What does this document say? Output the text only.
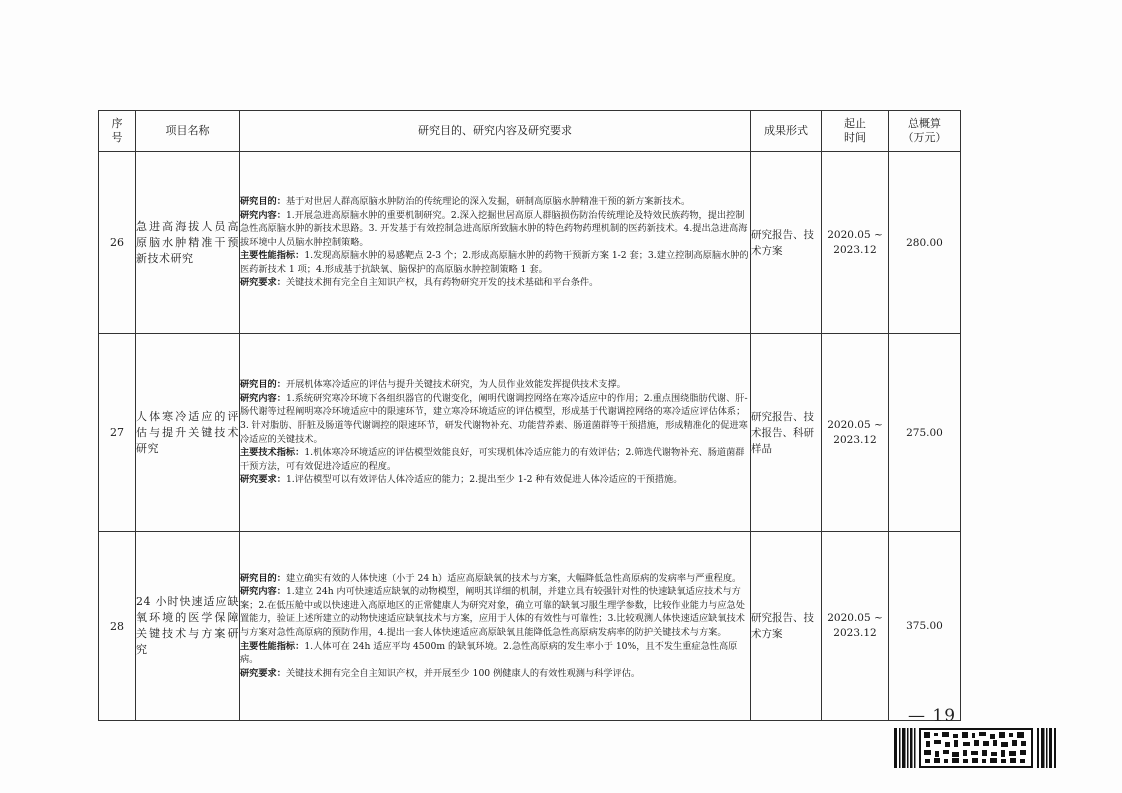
序
号	项目名称	研究目的、研究内容及研究要求	成果形式	起止
时间	总概算
（万元）

26	急进高海拔人员高原脑水肿精准干预新技术研究	研究目的：基于对世居人群高原脑水肿防治的传统理论的深入发掘，研制高原脑水肿精准干预的新方案新技术。
研究内容：1.开展急进高原脑水肿的重要机制研究。2.深入挖掘世居高原人群脑损伤防治传统理论及特效民族药物，提出控制急性高原脑水肿的新技术思路。3. 开发基于有效控制急进高原所致脑水肿的特色药物药理机制的医药新技术。4.提出急进高海拔环境中人员脑水肿控制策略。
主要性能指标：1.发现高原脑水肿的易感靶点 2-3 个；2.形成高原脑水肿的药物干预新方案 1-2 套；3.建立控制高原脑水肿的医药新技术 1 项；4.形成基于抗缺氧、脑保护的高原脑水肿控制策略 1 套。
研究要求：关键技术拥有完全自主知识产权，具有药物研究开发的技术基础和平台条件。	研究报告、技术方案	2020.05 ~ 2023.12	280.00
27	人体寒冷适应的评估与提升关键技术研究	研究目的：开展机体寒冷适应的评估与提升关键技术研究，为人员作业效能发挥提供技术支撑。
研究内容：1.系统研究寒冷环境下各组织器官的代谢变化，阐明代谢调控网络在寒冷适应中的作用；2.重点围绕脂肪代谢、肝-肠代谢等过程阐明寒冷环境适应中的限速环节，建立寒冷环境适应的评估模型，形成基于代谢调控网络的寒冷适应评估体系；3. 针对脂肪、肝脏及肠道等代谢调控的限速环节，研发代谢物补充、功能营养素、肠道菌群等干预措施，形成精准化的促进寒冷适应的关键技术。
主要技术指标：1.机体寒冷环境适应的评估模型效能良好，可实现机体冷适应能力的有效评估；2.筛选代谢物补充、肠道菌群干预方法，可有效促进冷适应的程度。
研究要求：1.评估模型可以有效评估人体冷适应的能力；2.提出至少 1-2 种有效促进人体冷适应的干预措施。	研究报告、技术报告、科研样品	2020.05 ~ 2023.12	275.00
28	24 小时快速适应缺氧环境的医学保障关键技术与方案研究	研究目的：建立确实有效的人体快速（小于 24 h）适应高原缺氧的技术与方案，大幅降低急性高原病的发病率与严重程度。
研究内容：1.建立 24h 内可快速适应缺氧的动物模型，阐明其详细的机制，并建立具有较强针对性的快速缺氧适应技术与方案；2.在低压舱中或以快速进入高原地区的正常健康人为研究对象，确立可靠的缺氧习服生理学参数，比较作业能力与应急处置能力，验证上述所建立的动物快速适应缺氧技术与方案，应用于人体的有效性与可靠性；3.比较观测人体快速适应缺氧技术与方案对急性高原病的预防作用，4.提出一套人体快速适应高原缺氧且能降低急性高原病发病率的防护关键技术与方案。
主要性能指标：1.人体可在 24h 适应平均 4500m 的缺氧环境。2.急性高原病的发生率小于 10%，且不发生重症急性高原病。
研究要求：关键技术拥有完全自主知识产权，并开展至少 100 例健康人的有效性观测与科学评估。	研究报告、技术方案	2020.05 ~ 2023.12	375.00
— 19
